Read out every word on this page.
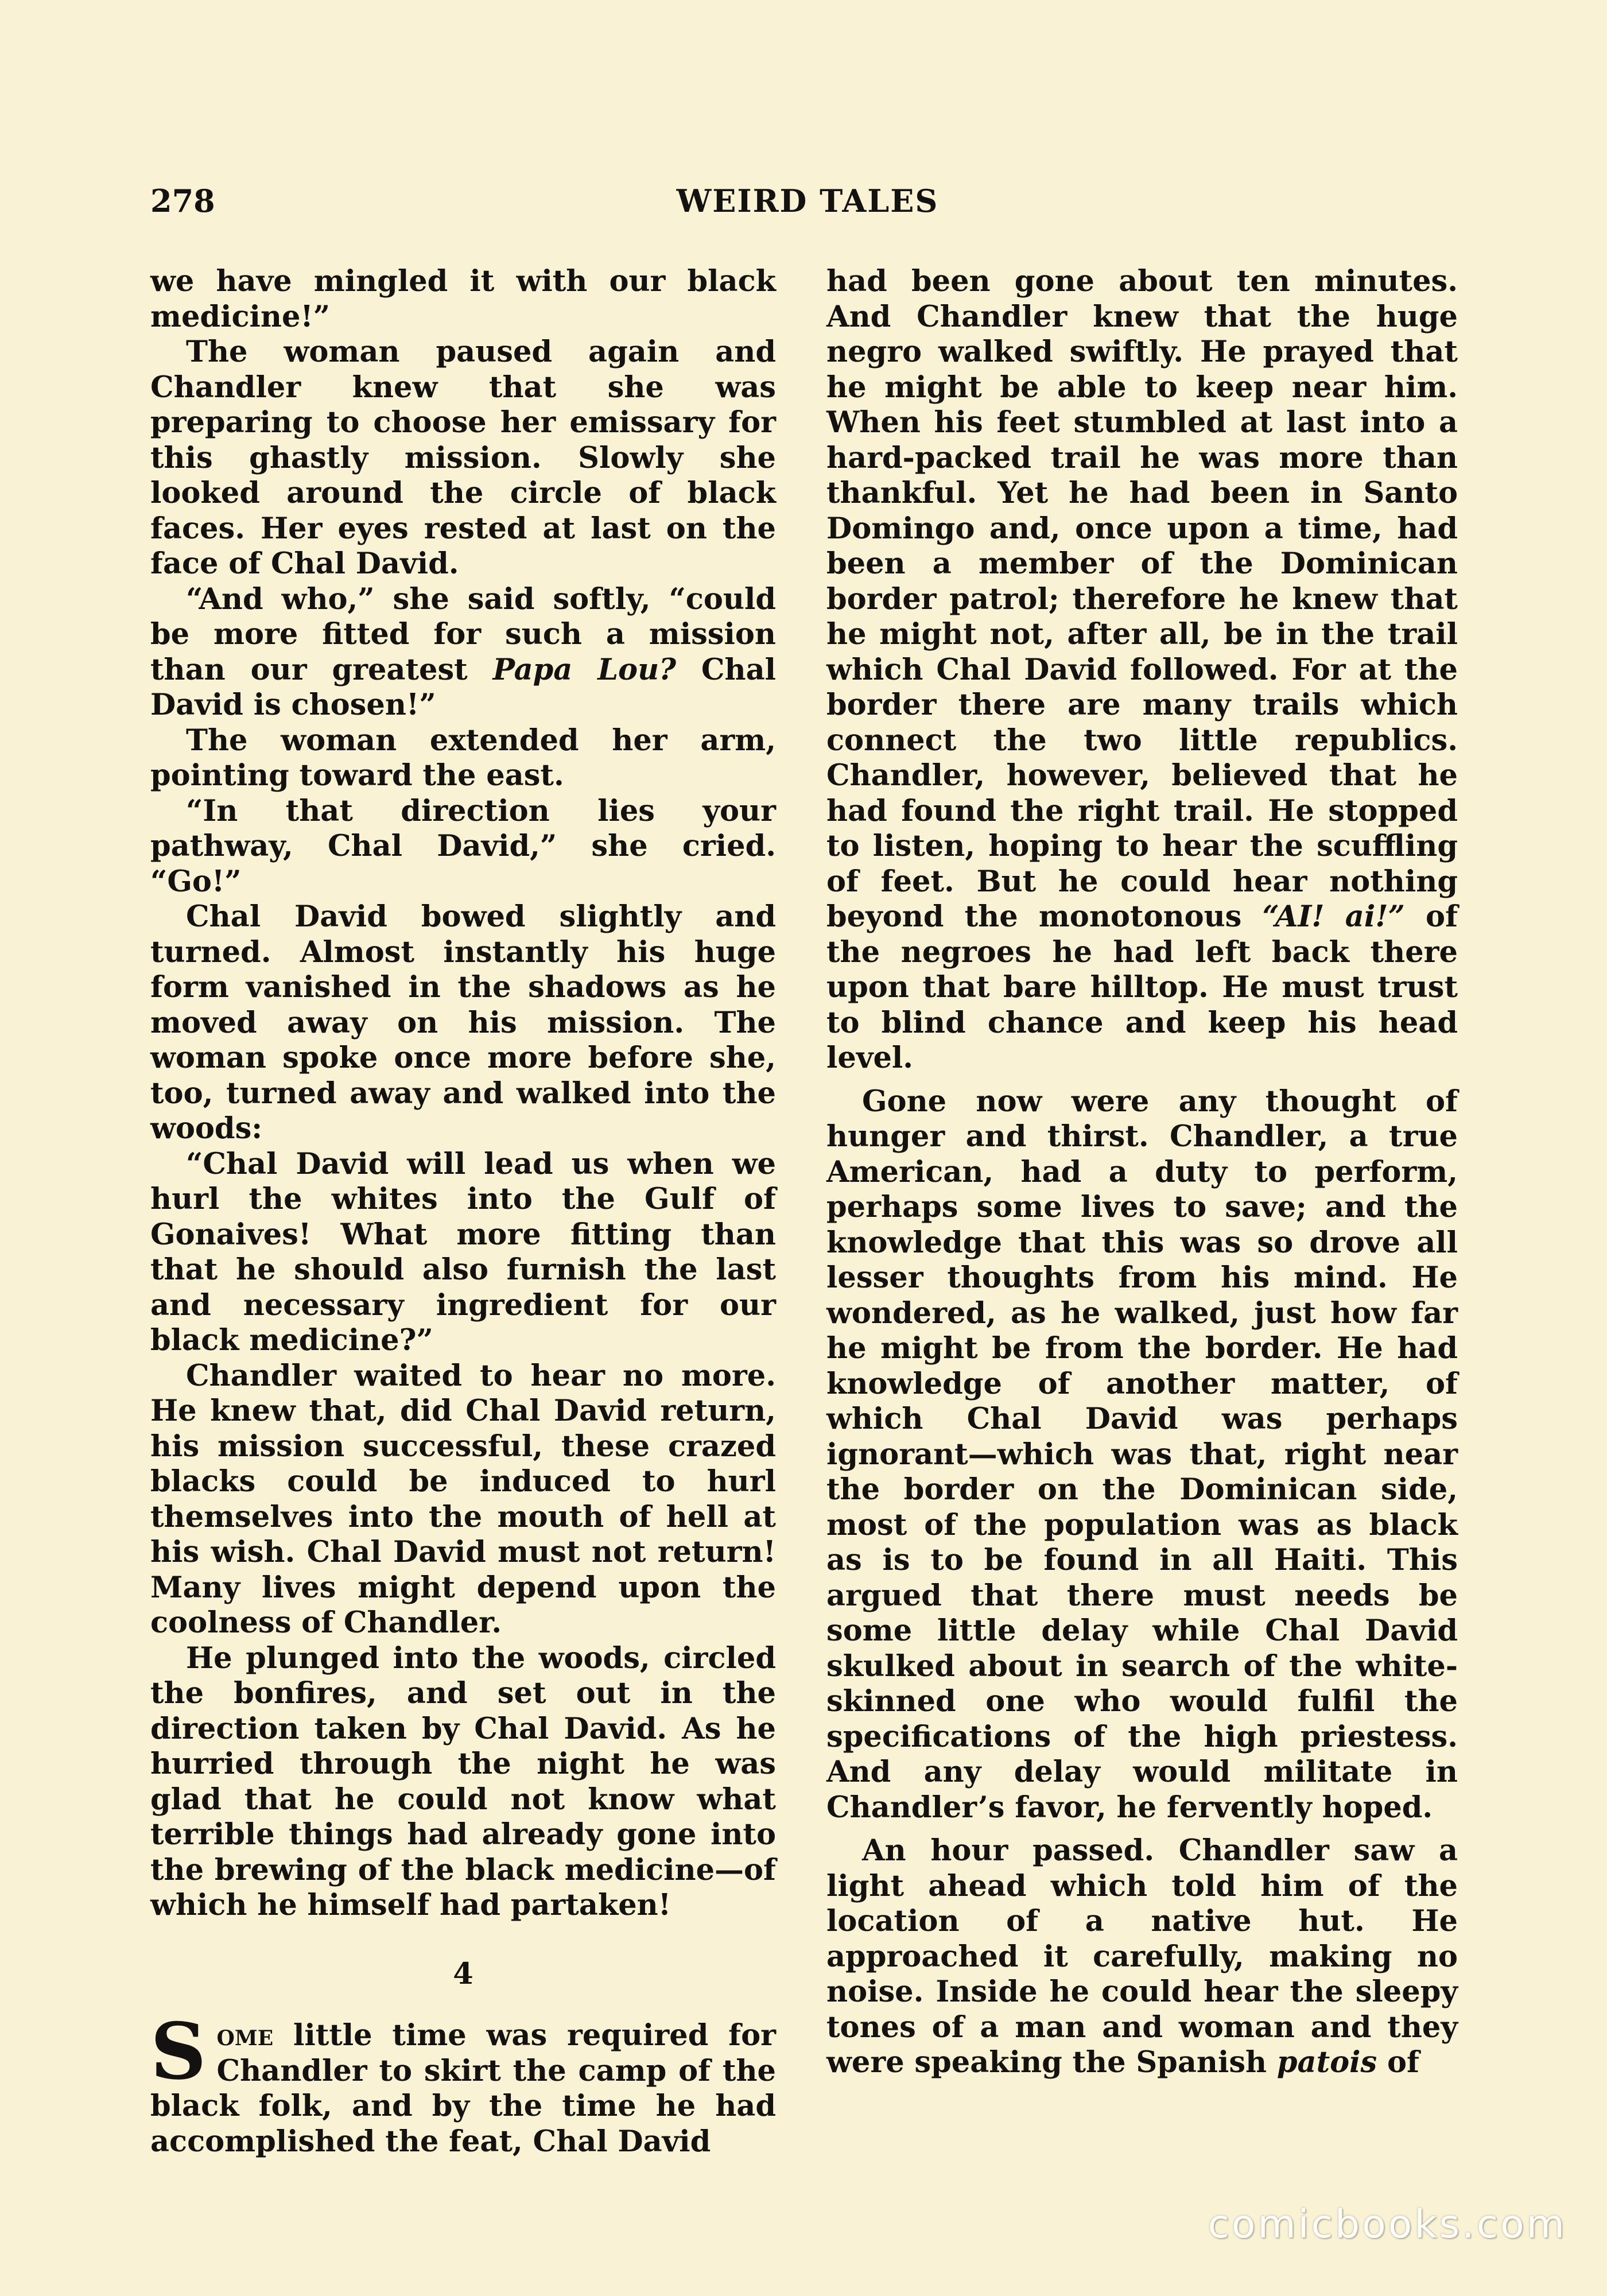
278	WEIRD TALES

we have mingled it with our black medicine!”

The woman paused again and Chandler knew that she was preparing to choose her emissary for this ghastly mission. Slowly she looked around the circle of black faces. Her eyes rested at last on the face of Chal David.

“And who,” she said softly, “could be more fitted for such a mission than our greatest Papa Lou? Chal David is chosen!”

The woman extended her arm, pointing toward the east.

“In that direction lies your pathway, Chal David,” she cried. “Go!”

Chal David bowed slightly and turned. Almost instantly his huge form vanished in the shadows as he moved away on his mission. The woman spoke once more before she, too, turned away and walked into the woods:

“Chal David will lead us when we hurl the whites into the Gulf of Gonaives! What more fitting than that he should also furnish the last and necessary ingredient for our black medicine?”

Chandler waited to hear no more. He knew that, did Chal David return, his mission successful, these crazed blacks could be induced to hurl themselves into the mouth of hell at his wish. Chal David must not return! Many lives might depend upon the coolness of Chandler.

He plunged into the woods, circled the bonfires, and set out in the direction taken by Chal David. As he hurried through the night he was glad that he could not know what terrible things had already gone into the brewing of the black medicine—of which he himself had partaken!

4

Some little time was required for Chandler to skirt the camp of the black folk, and by the time he had accomplished the feat, Chal David

had been gone about ten minutes. And Chandler knew that the huge negro walked swiftly. He prayed that he might be able to keep near him. When his feet stumbled at last into a hard-packed trail he was more than thankful. Yet he had been in Santo Domingo and, once upon a time, had been a member of the Dominican border patrol; therefore he knew that he might not, after all, be in the trail which Chal David followed. For at the border there are many trails which connect the two little republics. Chandler, however, believed that he had found the right trail. He stopped to listen, hoping to hear the scuffling of feet. But he could hear nothing beyond the monotonous “AI! ai!” of the negroes he had left back there upon that bare hilltop. He must trust to blind chance and keep his head level.

Gone now were any thought of hunger and thirst. Chandler, a true American, had a duty to perform, perhaps some lives to save; and the knowledge that this was so drove all lesser thoughts from his mind. He wondered, as he walked, just how far he might be from the border. He had knowledge of another matter, of which Chal David was perhaps ignorant—which was that, right near the border on the Dominican side, most of the population was as black as is to be found in all Haiti. This argued that there must needs be some little delay while Chal David skulked about in search of the white-skinned one who would fulfil the specifications of the high priestess. And any delay would militate in Chandler’s favor, he fervently hoped.

An hour passed. Chandler saw a light ahead which told him of the location of a native hut. He approached it carefully, making no noise. Inside he could hear the sleepy tones of a man and woman and they were speaking the Spanish patois of

comicbooks.com
